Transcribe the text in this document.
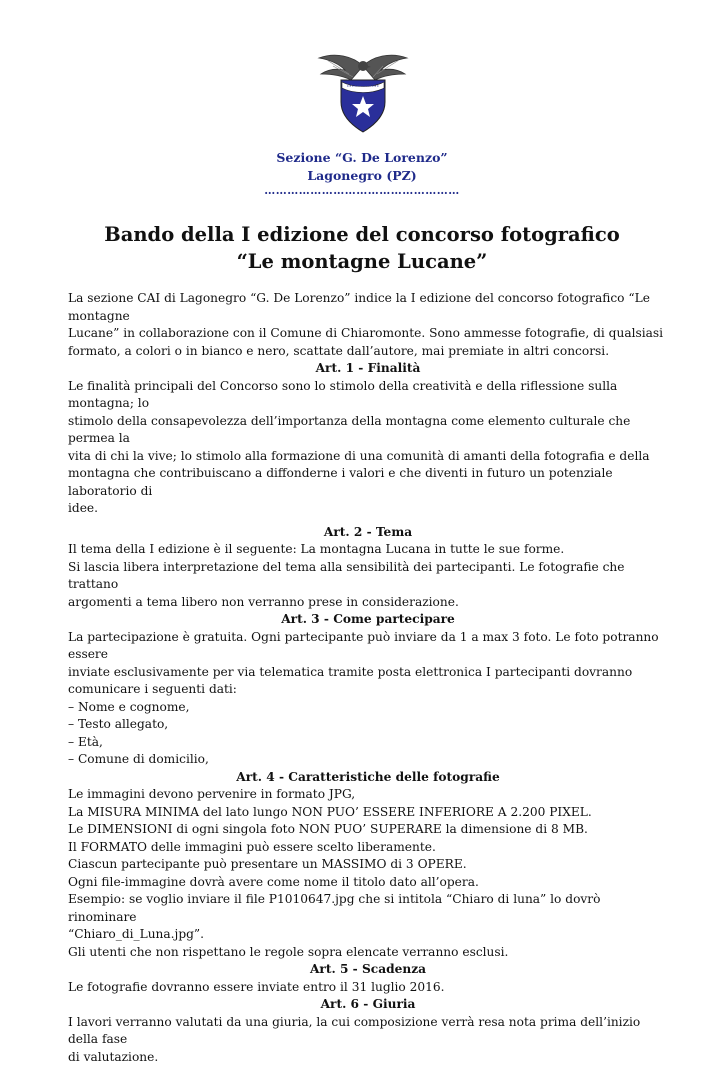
Sezione “G. De Lorenzo”
Lagonegro (PZ)
……………………………………………
Bando della I edizione del concorso fotografico
“Le montagne Lucane”

La sezione CAI di Lagonegro “G. De Lorenzo” indice la I edizione del concorso fotografico “Le montagne

Lucane” in collaborazione con il Comune di Chiaromonte. Sono ammesse fotografie, di qualsiasi

formato, a colori o in bianco e nero, scattate dall’autore, mai premiate in altri concorsi.

Art. 1 - Finalità

Le finalità principali del Concorso sono lo stimolo della creatività e della riflessione sulla montagna; lo

stimolo della consapevolezza dell’importanza della montagna come elemento culturale che permea la

vita di chi la vive; lo stimolo alla formazione di una comunità di amanti della fotografia e della

montagna che contribuiscano a diffonderne i valori e che diventi in futuro un potenziale laboratorio di

idee.

Art. 2 - Tema

Il tema della I edizione è il seguente: La montagna Lucana in tutte le sue forme.

Si lascia libera interpretazione del tema alla sensibilità dei partecipanti. Le fotografie che trattano

argomenti a tema libero non verranno prese in considerazione.

Art. 3 - Come partecipare

La partecipazione è gratuita. Ogni partecipante può inviare da 1 a max 3 foto. Le foto potranno essere

inviate esclusivamente per via telematica tramite posta elettronica I partecipanti dovranno

comunicare i seguenti dati:

– Nome e cognome,

– Testo allegato,

– Età,

– Comune di domicilio,

Art. 4 - Caratteristiche delle fotografie

Le immagini devono pervenire in formato JPG,

La MISURA MINIMA del lato lungo NON PUO’ ESSERE INFERIORE A 2.200 PIXEL.

Le DIMENSIONI di ogni singola foto NON PUO’ SUPERARE la dimensione di 8 MB.

Il FORMATO delle immagini può essere scelto liberamente.

Ciascun partecipante può presentare un MASSIMO di 3 OPERE.

Ogni file-immagine dovrà avere come nome il titolo dato all’opera.

Esempio: se voglio inviare il file P1010647.jpg che si intitola “Chiaro di luna” lo dovrò rinominare

“Chiaro_di_Luna.jpg”.

Gli utenti che non rispettano le regole sopra elencate verranno esclusi.

Art. 5 - Scadenza

Le fotografie dovranno essere inviate entro il 31 luglio 2016.

Art. 6 - Giuria

I lavori verranno valutati da una giuria, la cui composizione verrà resa nota prima dell’inizio della fase

di valutazione.
